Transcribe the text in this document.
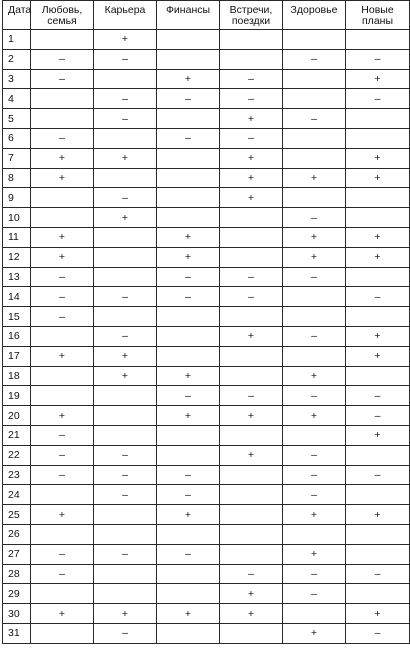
Дата	Любовь,
семья	Карьера	Финансы	Встречи,
поездки	Здоровье	Новые
планы
1		+				
2	–	–			–	–
3	–		+	–		+
4		–	–	–		–
5		–		+	–	
6	–		–	–		
7	+	+		+		+
8	+			+	+	+
9		–		+		
10		+			–	
11	+		+		+	+
12	+		+		+	+
13	–		–	–	–	
14	–	–	–	–		–
15	–					
16		–		+	–	+
17	+	+				+
18		+	+		+	
19			–	–	–	–
20	+		+	+	+	–
21	–					+
22	–	–		+	–	
23	–	–	–		–	–
24		–	–		–	
25	+		+		+	+
26						
27	–	–	–		+	
28	–			–	–	–
29				+	–	
30	+	+	+	+		+
31		–			+	–
